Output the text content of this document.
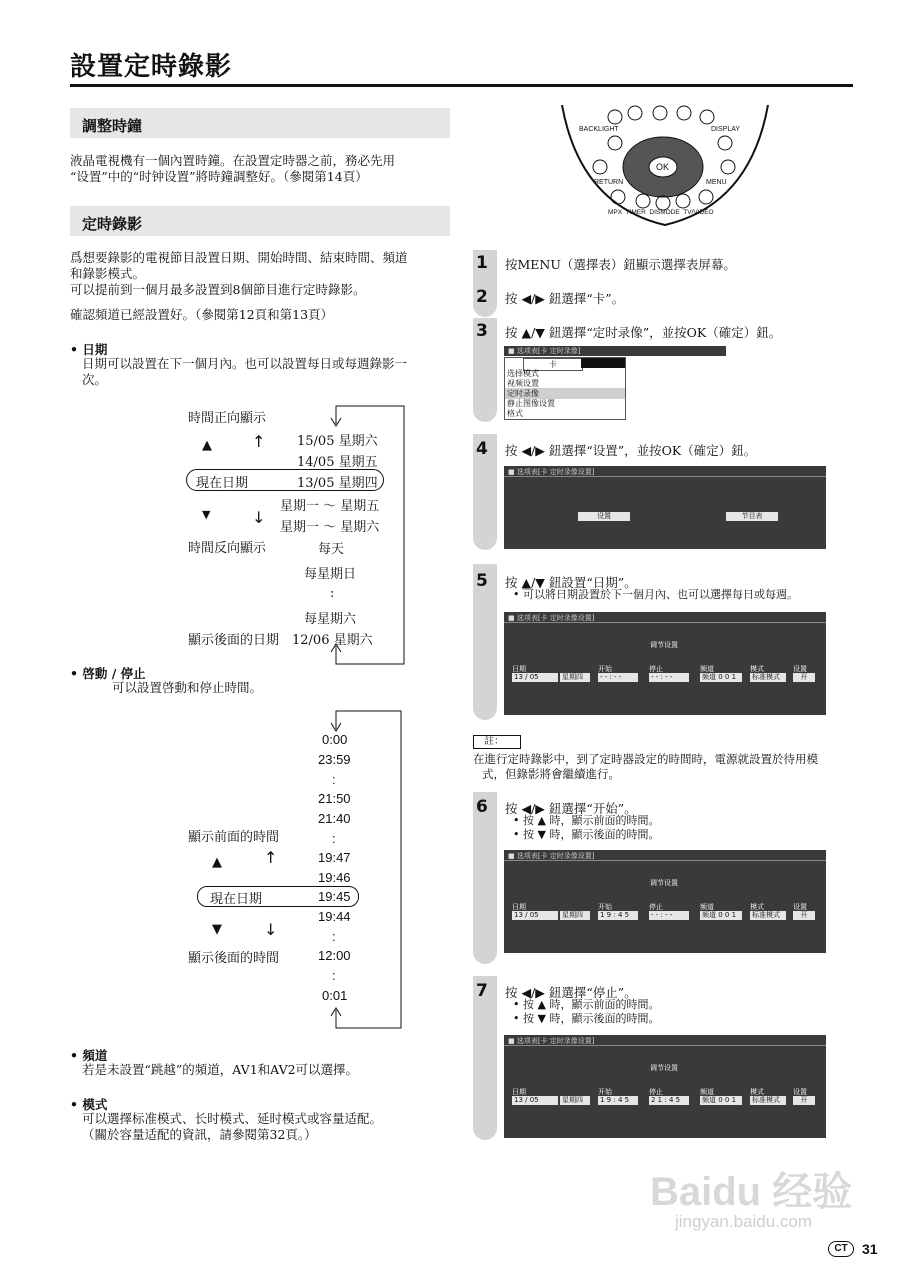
設置定時錄影
調整時鐘
液晶電視機有一個內置時鐘。在設置定時器之前，務必先用
“设置”中的“时钟设置”將時鐘調整好。（參閱第14頁）
定時錄影
爲想要錄影的電視節目設置日期、開始時間、結束時間、頻道
和錄影模式。
可以提前到一個月最多設置到8個節目進行定時錄影。
確認頻道已經設置好。（參閱第12頁和第13頁）
• 日期
日期可以設置在下一個月內。也可以設置每日或每週錄影一
次。
時間正向顯示
▲	↑ 15/05 星期六
14/05 星期五
現在日期	13/05 星期四
星期一 ～ 星期五
▼	↓
星期一 ～ 星期六
時間反向顯示	每天
每星期日
:
每星期六
顯示後面的日期 12/06 星期六
• 啓動 / 停止
可以設置啓動和停止時間。
0:00
23:59
:
21:50
21:40
顯示前面的時間	:
19:47
▲	↑
19:46
現在日期	19:45
19:44
▼	↓	:
顯示後面的時間	12:00
:
0:01
• 頻道
若是未設置“跳越”的頻道，AV1和AV2可以選擇。
• 模式
可以選擇标准模式、长时模式、延时模式或容量适配。
（關於容量适配的資訊，請參閱第32頁。）
BACKLIGHT	DISPLAY
OK
RETURN	MENU
MPX  TIMER  DISMODE  TV/VIDEO
1 按MENU（選擇表）鈕顯示選擇表屏幕。
2 按 ◀/▶ 鈕選擇“卡”。
3 按 ▲/▼ 鈕選擇“定时录像”，並按OK（確定）鈕。
■ 选项表[卡 定时录像]
卡
选择模式
视频设置
定时录像
静止图像设置
格式
4 按 ◀/▶ 鈕選擇“设置”，並按OK（確定）鈕。
■ 选项表[卡 定时录像设置]
设置	节目表
5 按 ▲/▼ 鈕設置“日期”。
• 可以將日期設置於下一個月內、也可以選擇每日或每週。
■ 选项表[卡 定时录像设置]
调节设置
日期	开始	停止	频道	模式	设置
13 / 05	星期四	- - : - -	- - : - -	频道 0 0 1	标准模式	开
註：
在進行定時錄影中，到了定時器設定的時間時，電源就設置於待用模
式，但錄影將會繼續進行。
6 按 ◀/▶ 鈕選擇“开始”。
• 按 ▲ 時，顯示前面的時間。
• 按 ▼ 時，顯示後面的時間。
■ 选项表[卡 定时录像设置]
调节设置
日期	开始	停止	频道	模式	设置
13 / 05	星期四	1 9 : 4 5	- - : - -	频道 0 0 1	标准模式	开
7 按 ◀/▶ 鈕選擇“停止”。
• 按 ▲ 時，顯示前面的時間。
• 按 ▼ 時，顯示後面的時間。
■ 选项表[卡 定时录像设置]
调节设置
日期	开始	停止	频道	模式	设置
13 / 05	星期四	1 9 : 4 5	2 1 : 4 5	频道 0 0 1	标准模式	开
Baidu 经验
jingyan.baidu.com
CT	31
